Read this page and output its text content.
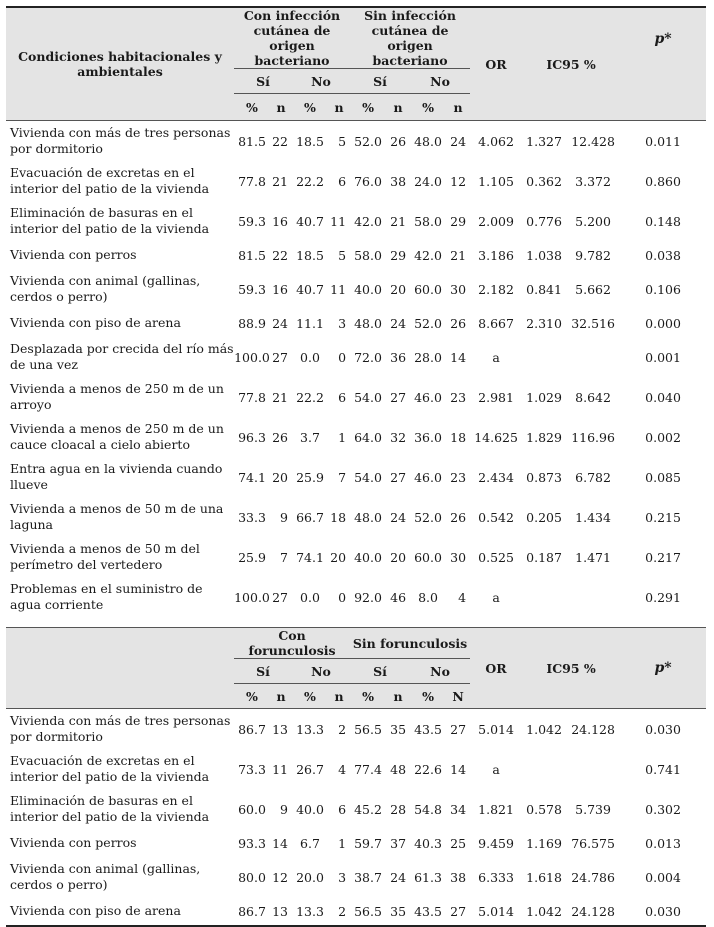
Condiciones habitacionales y ambientales	Con infección cutánea de origen bacteriano				Sin infección cutánea de origen bacteriano				OR	IC95 %		p*
	Sí		No		Sí		No					
	%	n	%	n	%	n	%	n				
Vivienda con más de tres personas por dormitorio	81.5	22	18.5	5	52.0	26	48.0	24	4.062	1.327	12.428	0.011
Evacuación de excretas en el interior del patio de la vivienda	77.8	21	22.2	6	76.0	38	24.0	12	1.105	0.362	3.372	0.860
Eliminación de basuras en el interior del patio de la vivienda	59.3	16	40.7	11	42.0	21	58.0	29	2.009	0.776	5.200	0.148
Vivienda con perros	81.5	22	18.5	5	58.0	29	42.0	21	3.186	1.038	9.782	0.038
Vivienda con animal (gallinas, cerdos o perro)	59.3	16	40.7	11	40.0	20	60.0	30	2.182	0.841	5.662	0.106
Vivienda con piso de arena	88.9	24	11.1	3	48.0	24	52.0	26	8.667	2.310	32.516	0.000
Desplazada por crecida del río más de una vez	100.0	27	0.0	0	72.0	36	28.0	14	a			0.001
Vivienda a menos de 250 m de un arroyo	77.8	21	22.2	6	54.0	27	46.0	23	2.981	1.029	8.642	0.040
Vivienda a menos de 250 m de un cauce cloacal a cielo abierto	96.3	26	3.7	1	64.0	32	36.0	18	14.625	1.829	116.96	0.002
Entra agua en la vivienda cuando llueve	74.1	20	25.9	7	54.0	27	46.0	23	2.434	0.873	6.782	0.085
Vivienda a menos de 50 m de una laguna	33.3	9	66.7	18	48.0	24	52.0	26	0.542	0.205	1.434	0.215
Vivienda a menos de 50 m del perímetro del vertedero	25.9	7	74.1	20	40.0	20	60.0	30	0.525	0.187	1.471	0.217
Problemas en el suministro de agua corriente	100.0	27	0.0	0	92.0	46	8.0	4	a			0.291

	Con forunculosis				Sin forunculosis				OR	IC95 %		p*
	Sí		No		Sí		No					
	%	n	%	n	%	n	%	N				
Vivienda con más de tres personas por dormitorio	86.7	13	13.3	2	56.5	35	43.5	27	5.014	1.042	24.128	0.030
Evacuación de excretas en el interior del patio de la vivienda	73.3	11	26.7	4	77.4	48	22.6	14	a			0.741
Eliminación de basuras en el interior del patio de la vivienda	60.0	9	40.0	6	45.2	28	54.8	34	1.821	0.578	5.739	0.302
Vivienda con perros	93.3	14	6.7	1	59.7	37	40.3	25	9.459	1.169	76.575	0.013
Vivienda con animal (gallinas, cerdos o perro)	80.0	12	20.0	3	38.7	24	61.3	38	6.333	1.618	24.786	0.004
Vivienda con piso de arena	86.7	13	13.3	2	56.5	35	43.5	27	5.014	1.042	24.128	0.030
